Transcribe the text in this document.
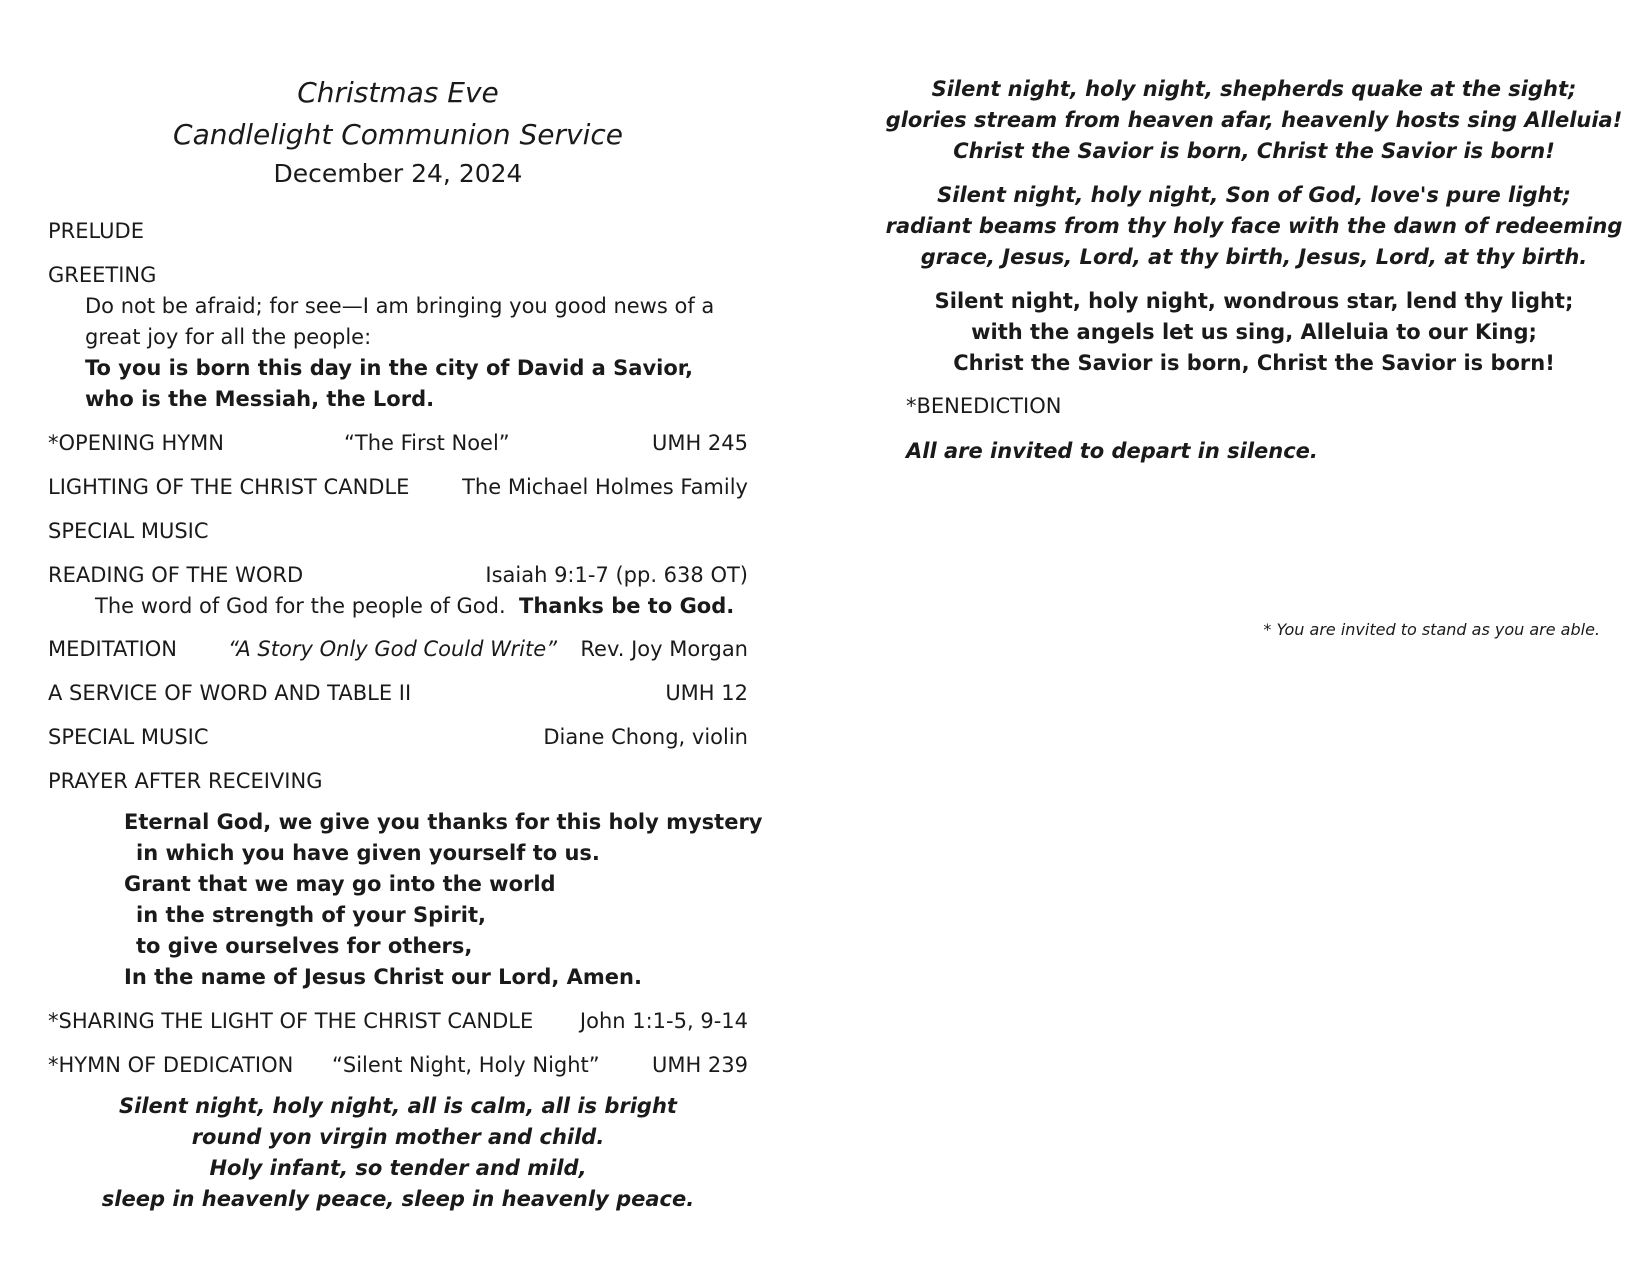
Christmas Eve
Candlelight Communion Service
December 24, 2024
PRELUDE
GREETING
Do not be afraid; for see—I am bringing you good news of a
great joy for all the people:
To you is born this day in the city of David a Savior,
who is the Messiah, the Lord.
*OPENING HYMN	“The First Noel”	UMH 245
LIGHTING OF THE CHRIST CANDLE	The Michael Holmes Family
SPECIAL MUSIC
READING OF THE WORD	Isaiah 9:1-7 (pp. 638 OT)
The word of God for the people of God. Thanks be to God.
MEDITATION “A Story Only God Could Write” Rev. Joy Morgan
A SERVICE OF WORD AND TABLE II	UMH 12
SPECIAL MUSIC	Diane Chong, violin
PRAYER AFTER RECEIVING
Eternal God, we give you thanks for this holy mystery
in which you have given yourself to us.
Grant that we may go into the world
in the strength of your Spirit,
to give ourselves for others,
In the name of Jesus Christ our Lord, Amen.
*SHARING THE LIGHT OF THE CHRIST CANDLE John 1:1-5, 9-14
*HYMN OF DEDICATION “Silent Night, Holy Night” UMH 239
Silent night, holy night, all is calm, all is bright
round yon virgin mother and child.
Holy infant, so tender and mild,
sleep in heavenly peace, sleep in heavenly peace.
Silent night, holy night, shepherds quake at the sight;
glories stream from heaven afar, heavenly hosts sing Alleluia!
Christ the Savior is born, Christ the Savior is born!
Silent night, holy night, Son of God, love's pure light;
radiant beams from thy holy face with the dawn of redeeming
grace, Jesus, Lord, at thy birth, Jesus, Lord, at thy birth.
Silent night, holy night, wondrous star, lend thy light;
with the angels let us sing, Alleluia to our King;
Christ the Savior is born, Christ the Savior is born!
*BENEDICTION
All are invited to depart in silence.
* You are invited to stand as you are able.
